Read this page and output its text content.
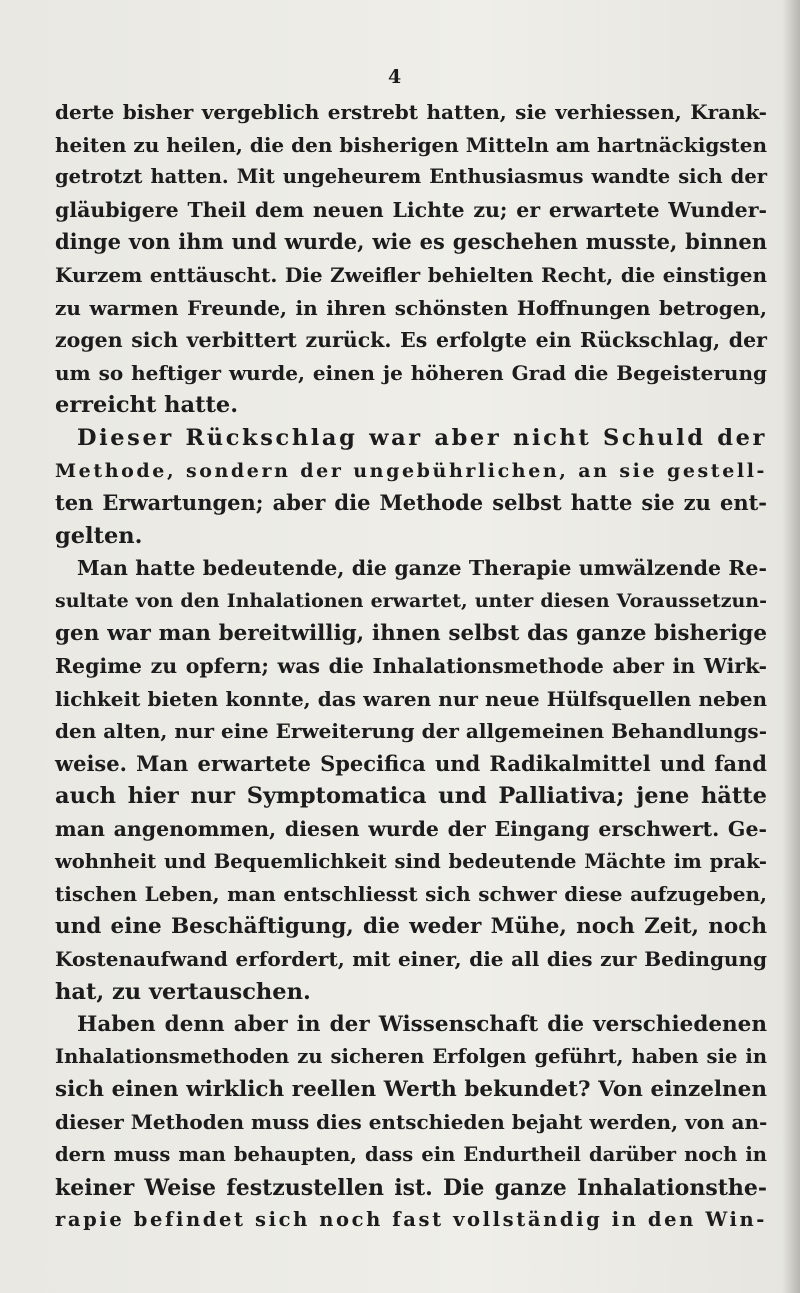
4
derte bisher vergeblich erstrebt hatten, sie verhiessen, Krank-
heiten zu heilen, die den bisherigen Mitteln am hartnäckigsten
getrotzt hatten. Mit ungeheurem Enthusiasmus wandte sich der
gläubigere Theil dem neuen Lichte zu; er erwartete Wunder-
dinge von ihm und wurde, wie es geschehen musste, binnen
Kurzem enttäuscht. Die Zweifler behielten Recht, die einstigen
zu warmen Freunde, in ihren schönsten Hoffnungen betrogen,
zogen sich verbittert zurück. Es erfolgte ein Rückschlag, der
um so heftiger wurde, einen je höheren Grad die Begeisterung
erreicht hatte.
Dieser Rückschlag war aber nicht Schuld der
Methode, sondern der ungebührlichen, an sie gestell-
ten Erwartungen; aber die Methode selbst hatte sie zu ent-
gelten.
Man hatte bedeutende, die ganze Therapie umwälzende Re-
sultate von den Inhalationen erwartet, unter diesen Voraussetzun-
gen war man bereitwillig, ihnen selbst das ganze bisherige
Regime zu opfern; was die Inhalationsmethode aber in Wirk-
lichkeit bieten konnte, das waren nur neue Hülfsquellen neben
den alten, nur eine Erweiterung der allgemeinen Behandlungs-
weise. Man erwartete Specifica und Radikalmittel und fand
auch hier nur Symptomatica und Palliativa; jene hätte
man angenommen, diesen wurde der Eingang erschwert. Ge-
wohnheit und Bequemlichkeit sind bedeutende Mächte im prak-
tischen Leben, man entschliesst sich schwer diese aufzugeben,
und eine Beschäftigung, die weder Mühe, noch Zeit, noch
Kostenaufwand erfordert, mit einer, die all dies zur Bedingung
hat, zu vertauschen.
Haben denn aber in der Wissenschaft die verschiedenen
Inhalationsmethoden zu sicheren Erfolgen geführt, haben sie in
sich einen wirklich reellen Werth bekundet? Von einzelnen
dieser Methoden muss dies entschieden bejaht werden, von an-
dern muss man behaupten, dass ein Endurtheil darüber noch in
keiner Weise festzustellen ist. Die ganze Inhalationsthe-
rapie befindet sich noch fast vollständig in den Win-
